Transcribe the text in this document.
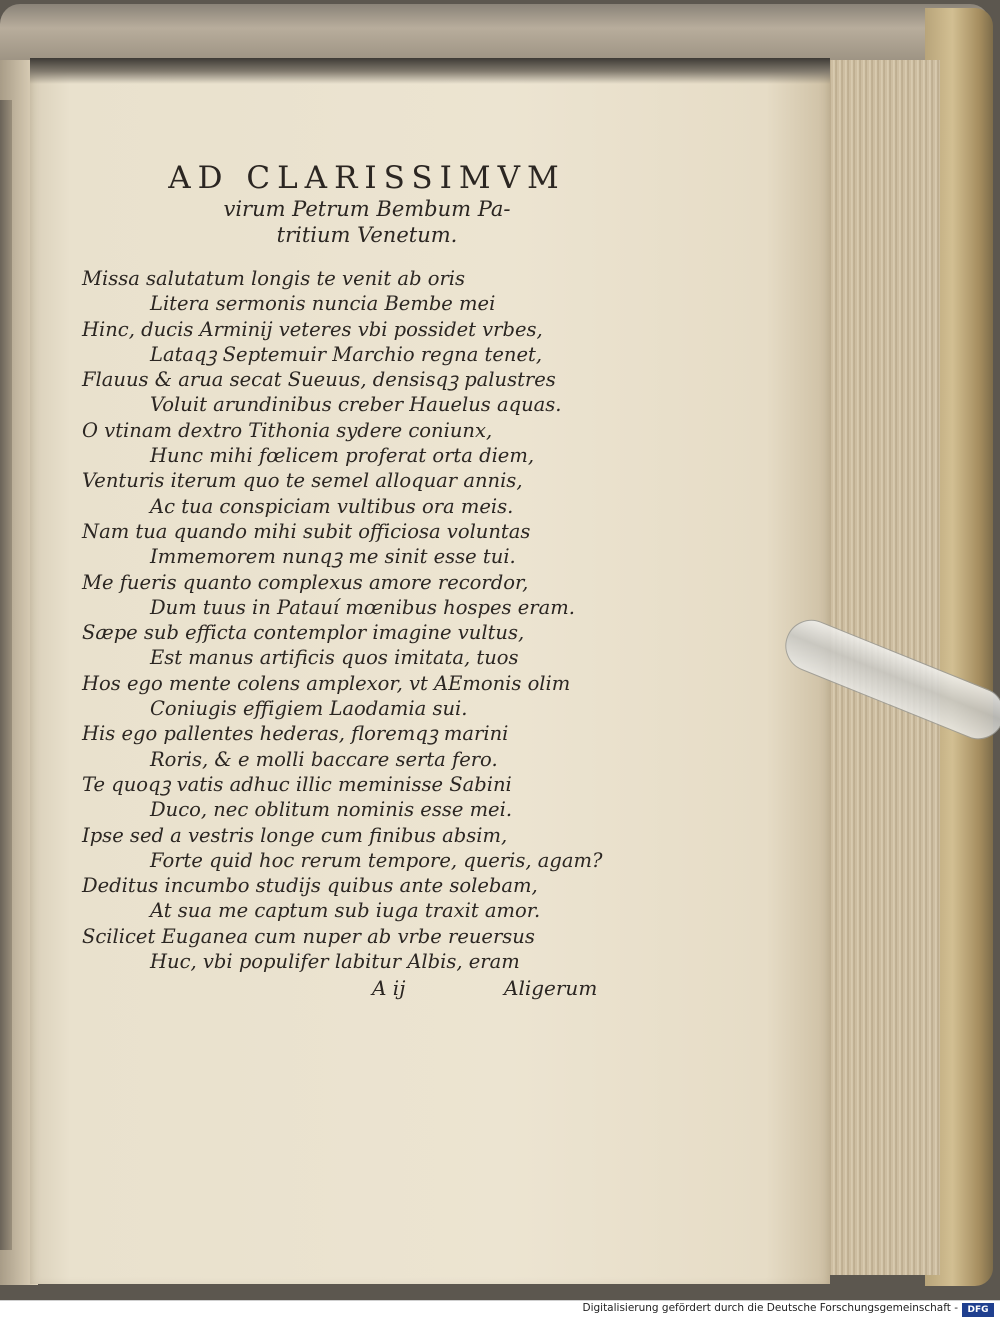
AD CLARISSIMVM
virum Petrum Bembum Pa-
tritium Venetum.
Missa salutatum longis te venit ab oris
Litera sermonis nuncia Bembe mei
Hinc, ducis Arminij veteres vbi possidet vrbes,
Lataqꝫ Septemuir Marchio regna tenet,
Flauus & arua secat Sueuus, densisqꝫ palustres
Voluit arundinibus creber Hauelus aquas.
O vtinam dextro Tithonia sydere coniunx,
Hunc mihi fœlicem proferat orta diem,
Venturis iterum quo te semel alloquar annis,
Ac tua conspiciam vultibus ora meis.
Nam tua quando mihi subit officiosa voluntas
Immemorem nunqꝫ me sinit esse tui.
Me fueris quanto complexus amore recordor,
Dum tuus in Patauí mœnibus hospes eram.
Sæpe sub efficta contemplor imagine vultus,
Est manus artificis quos imitata, tuos
Hos ego mente colens amplexor, vt AEmonis olim
Coniugis effigiem Laodamia sui.
His ego pallentes hederas, floremqꝫ marini
Roris, & e molli baccare serta fero.
Te quoqꝫ vatis adhuc illic meminisse Sabini
Duco, nec oblitum nominis esse mei.
Ipse sed a vestris longe cum finibus absim,
Forte quid hoc rerum tempore, queris, agam?
Deditus incumbo studijs quibus ante solebam,
At sua me captum sub iuga traxit amor.
Scilicet Euganea cum nuper ab vrbe reuersus
Huc, vbi populifer labitur Albis, eram
A ij	Aligerum
Digitalisierung gefördert durch die Deutsche Forschungsgemeinschaft -	DFG
